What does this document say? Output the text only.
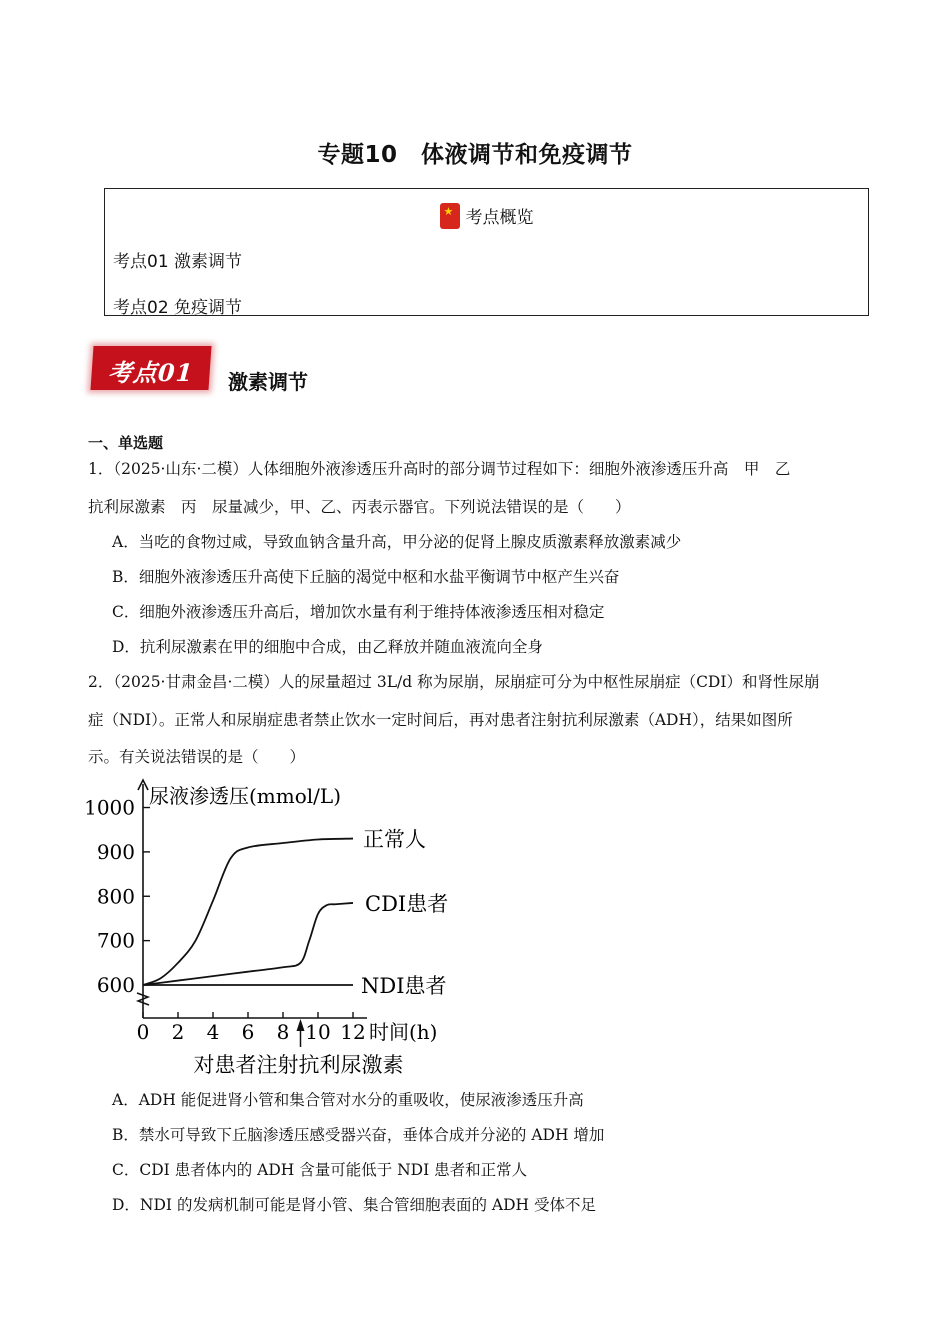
专题10　体液调节和免疫调节
★ 考点概览
考点01 激素调节
考点02 免疫调节
考点01	激素调节
一、单选题
1．（2025·山东·二模）人体细胞外液渗透压升高时的部分调节过程如下：细胞外液渗透压升高　甲　乙
抗利尿激素　丙　尿量减少，甲、乙、丙表示器官。下列说法错误的是（　　）
A．当吃的食物过咸，导致血钠含量升高，甲分泌的促肾上腺皮质激素释放激素减少
B．细胞外液渗透压升高使下丘脑的渴觉中枢和水盐平衡调节中枢产生兴奋
C．细胞外液渗透压升高后，增加饮水量有利于维持体液渗透压相对稳定
D．抗利尿激素在甲的细胞中合成，由乙释放并随血液流向全身
2．（2025·甘肃金昌·二模）人的尿量超过 3L/d 称为尿崩，尿崩症可分为中枢性尿崩症（CDI）和肾性尿崩
症（NDI）。正常人和尿崩症患者禁止饮水一定时间后，再对患者注射抗利尿激素（ADH），结果如图所
示。有关说法错误的是（　　）
600
700
800
900
1000
0 2 4 6 8 10 12
尿液渗透压(mmol/L)
时间(h)
对患者注射抗利尿激素
正常人
CDI患者
NDI患者
A．ADH 能促进肾小管和集合管对水分的重吸收，使尿液渗透压升高
B．禁水可导致下丘脑渗透压感受器兴奋，垂体合成并分泌的 ADH 增加
C．CDI 患者体内的 ADH 含量可能低于 NDI 患者和正常人
D．NDI 的发病机制可能是肾小管、集合管细胞表面的 ADH 受体不足
